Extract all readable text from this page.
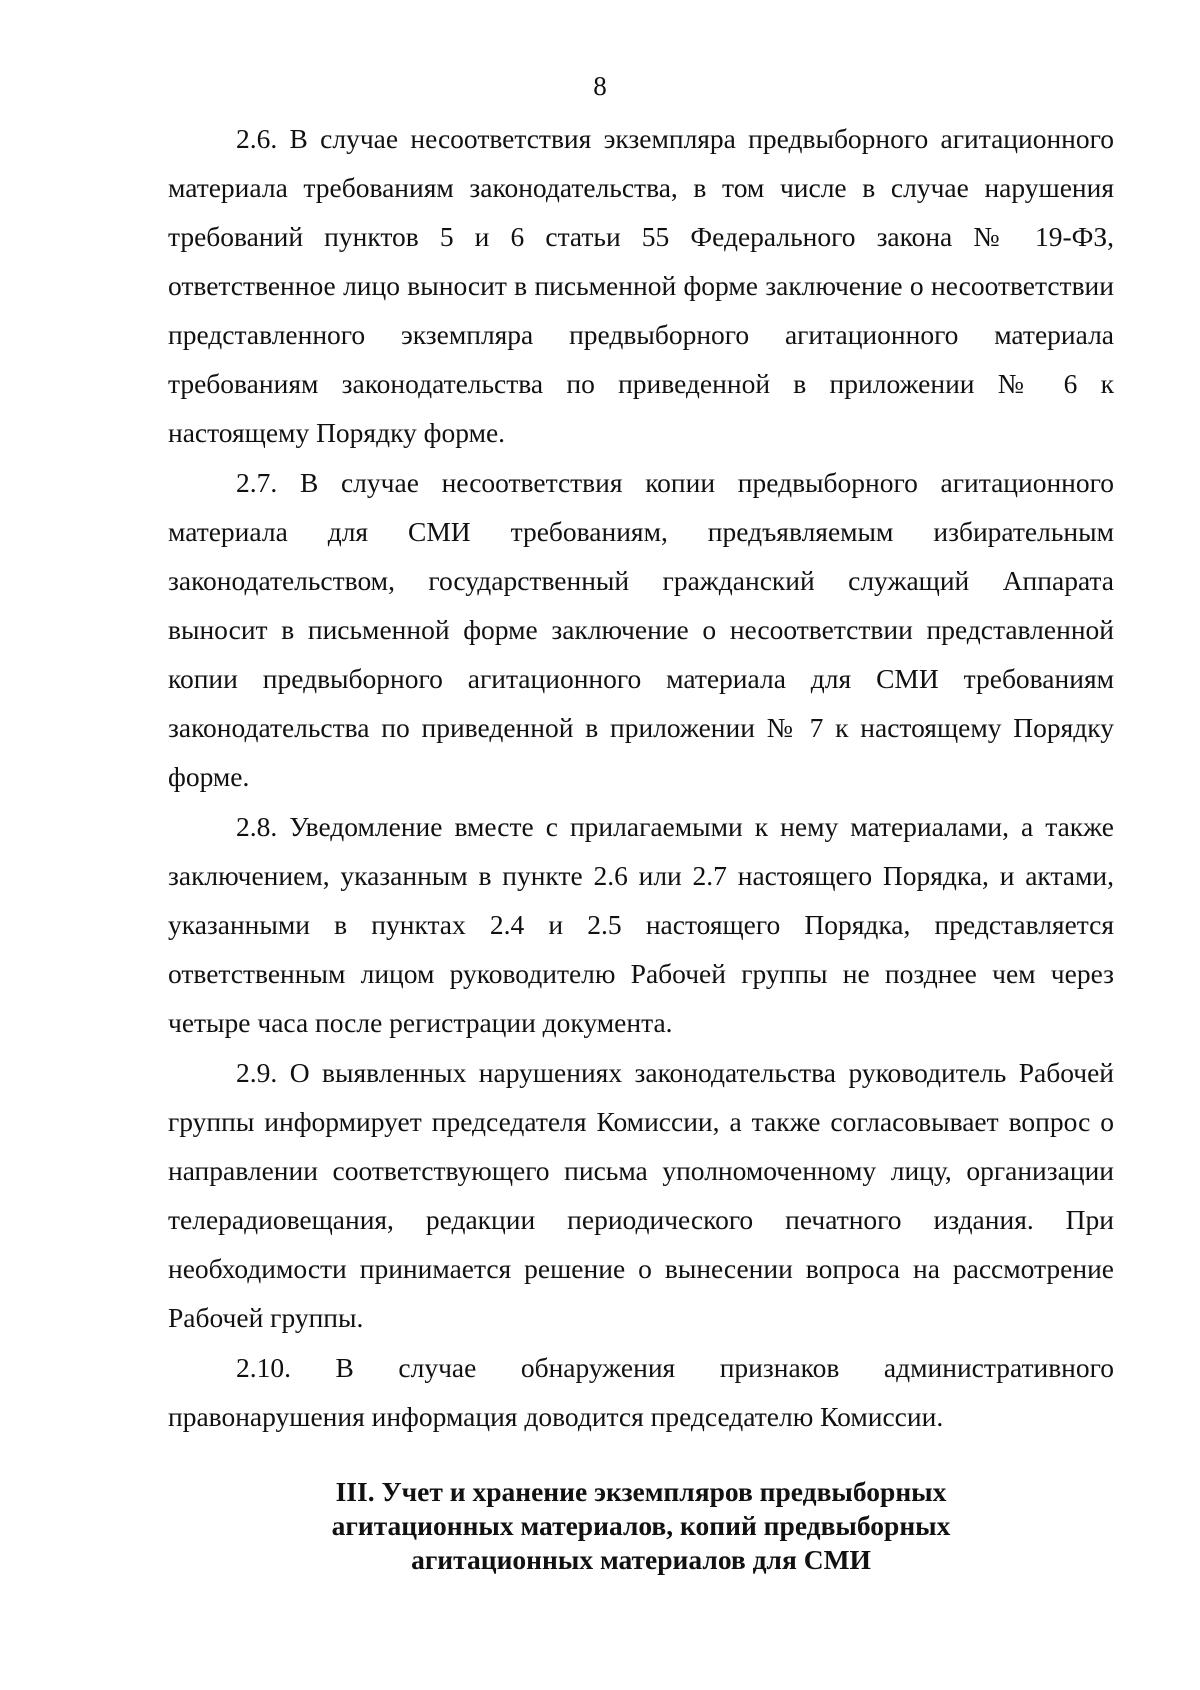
8

2.6. В случае несоответствия экземпляра предвыборного агитационного материала требованиям законодательства, в том числе в случае нарушения требований пунктов 5 и 6 статьи 55 Федерального закона № 19-ФЗ, ответственное лицо выносит в письменной форме заключение о несоответствии представленного экземпляра предвыборного агитационного материала требованиям законодательства по приведенной в приложении № 6 к настоящему Порядку форме.

2.7. В случае несоответствия копии предвыборного агитационного материала для СМИ требованиям, предъявляемым избирательным законодательством, государственный гражданский служащий Аппарата выносит в письменной форме заключение о несоответствии представленной копии предвыборного агитационного материала для СМИ требованиям законодательства по приведенной в приложении № 7 к настоящему Порядку форме.

2.8. Уведомление вместе с прилагаемыми к нему материалами, а также заключением, указанным в пункте 2.6 или 2.7 настоящего Порядка, и актами, указанными в пунктах 2.4 и 2.5 настоящего Порядка, представляется ответственным лицом руководителю Рабочей группы не позднее чем через четыре часа после регистрации документа.

2.9. О выявленных нарушениях законодательства руководитель Рабочей группы информирует председателя Комиссии, а также согласовывает вопрос о направлении соответствующего письма уполномоченному лицу, организации телерадиовещания, редакции периодического печатного издания. При необходимости принимается решение о вынесении вопроса на рассмотрение Рабочей группы.

2.10. В случае обнаружения признаков административного правонарушения информация доводится председателю Комиссии.

III. Учет и хранение экземпляров предвыборных
агитационных материалов, копий предвыборных
агитационных материалов для СМИ
